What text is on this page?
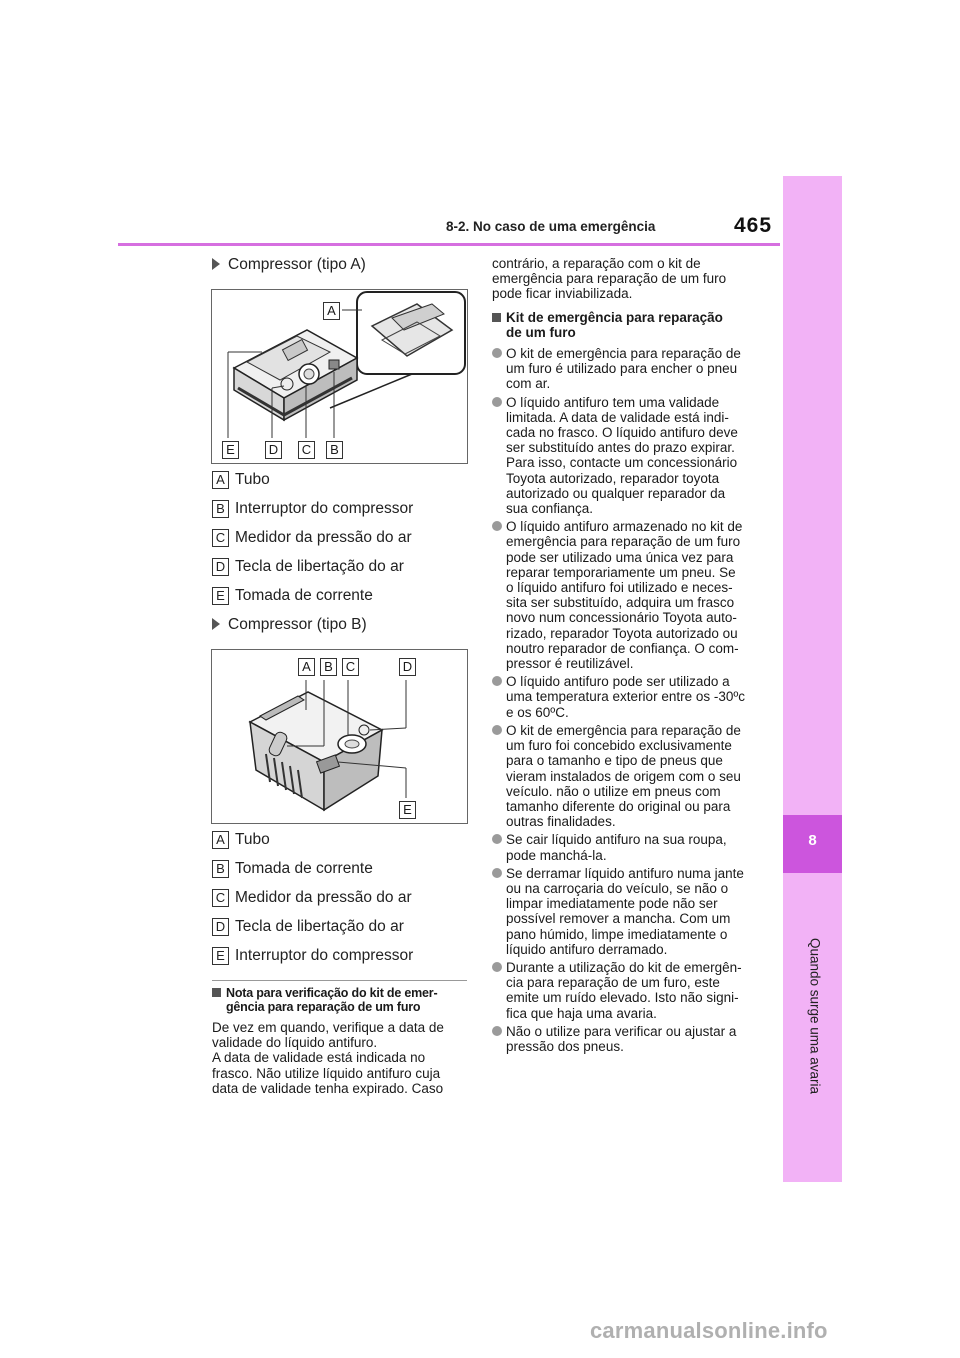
8-2. No caso de uma emergência	465
8
Quando surge uma avaria
Compressor (tipo A)
A
E	D C	B
A Tubo
B Interruptor do compressor
C Medidor da pressão do ar
D Tecla de libertação do ar
E Tomada de corrente
Compressor (tipo B)
A	B C	D
E
A Tubo
B Tomada de corrente
C Medidor da pressão do ar
D Tecla de libertação do ar
E Interruptor do compressor
Nota para verificação do kit de emer-
gência para reparação de um furo
De vez em quando, verifique a data de
validade do líquido antifuro.
A data de validade está indicada no
frasco. Não utilize líquido antifuro cuja
data de validade tenha expirado. Caso
contrário, a reparação com o kit de
emergência para reparação de um furo
pode ficar inviabilizada.
Kit de emergência para reparação
de um furo
O kit de emergência para reparação de
um furo é utilizado para encher o pneu
com ar.
O líquido antifuro tem uma validade
limitada. A data de validade está indi-
cada no frasco. O líquido antifuro deve
ser substituído antes do prazo expirar.
Para isso, contacte um concessionário
Toyota autorizado, reparador toyota
autorizado ou qualquer reparador da
sua confiança.
O líquido antifuro armazenado no kit de
emergência para reparação de um furo
pode ser utilizado uma única vez para
reparar temporariamente um pneu. Se
o líquido antifuro foi utilizado e neces-
sita ser substituído, adquira um frasco
novo num concessionário Toyota auto-
rizado, reparador Toyota autorizado ou
noutro reparador de confiança. O com-
pressor é reutilizável.
O líquido antifuro pode ser utilizado a
uma temperatura exterior entre os -30ºc
e os 60ºC.
O kit de emergência para reparação de
um furo foi concebido exclusivamente
para o tamanho e tipo de pneus que
vieram instalados de origem com o seu
veículo. não o utilize em pneus com
tamanho diferente do original ou para
outras finalidades.
Se cair líquido antifuro na sua roupa,
pode manchá-la.
Se derramar líquido antifuro numa jante
ou na carroçaria do veículo, se não o
limpar imediatamente pode não ser
possível remover a mancha. Com um
pano húmido, limpe imediatamente o
líquido antifuro derramado.
Durante a utilização do kit de emergên-
cia para reparação de um furo, este
emite um ruído elevado. Isto não signi-
fica que haja uma avaria.
Não o utilize para verificar ou ajustar a
pressão dos pneus.
carmanualsonline.info
